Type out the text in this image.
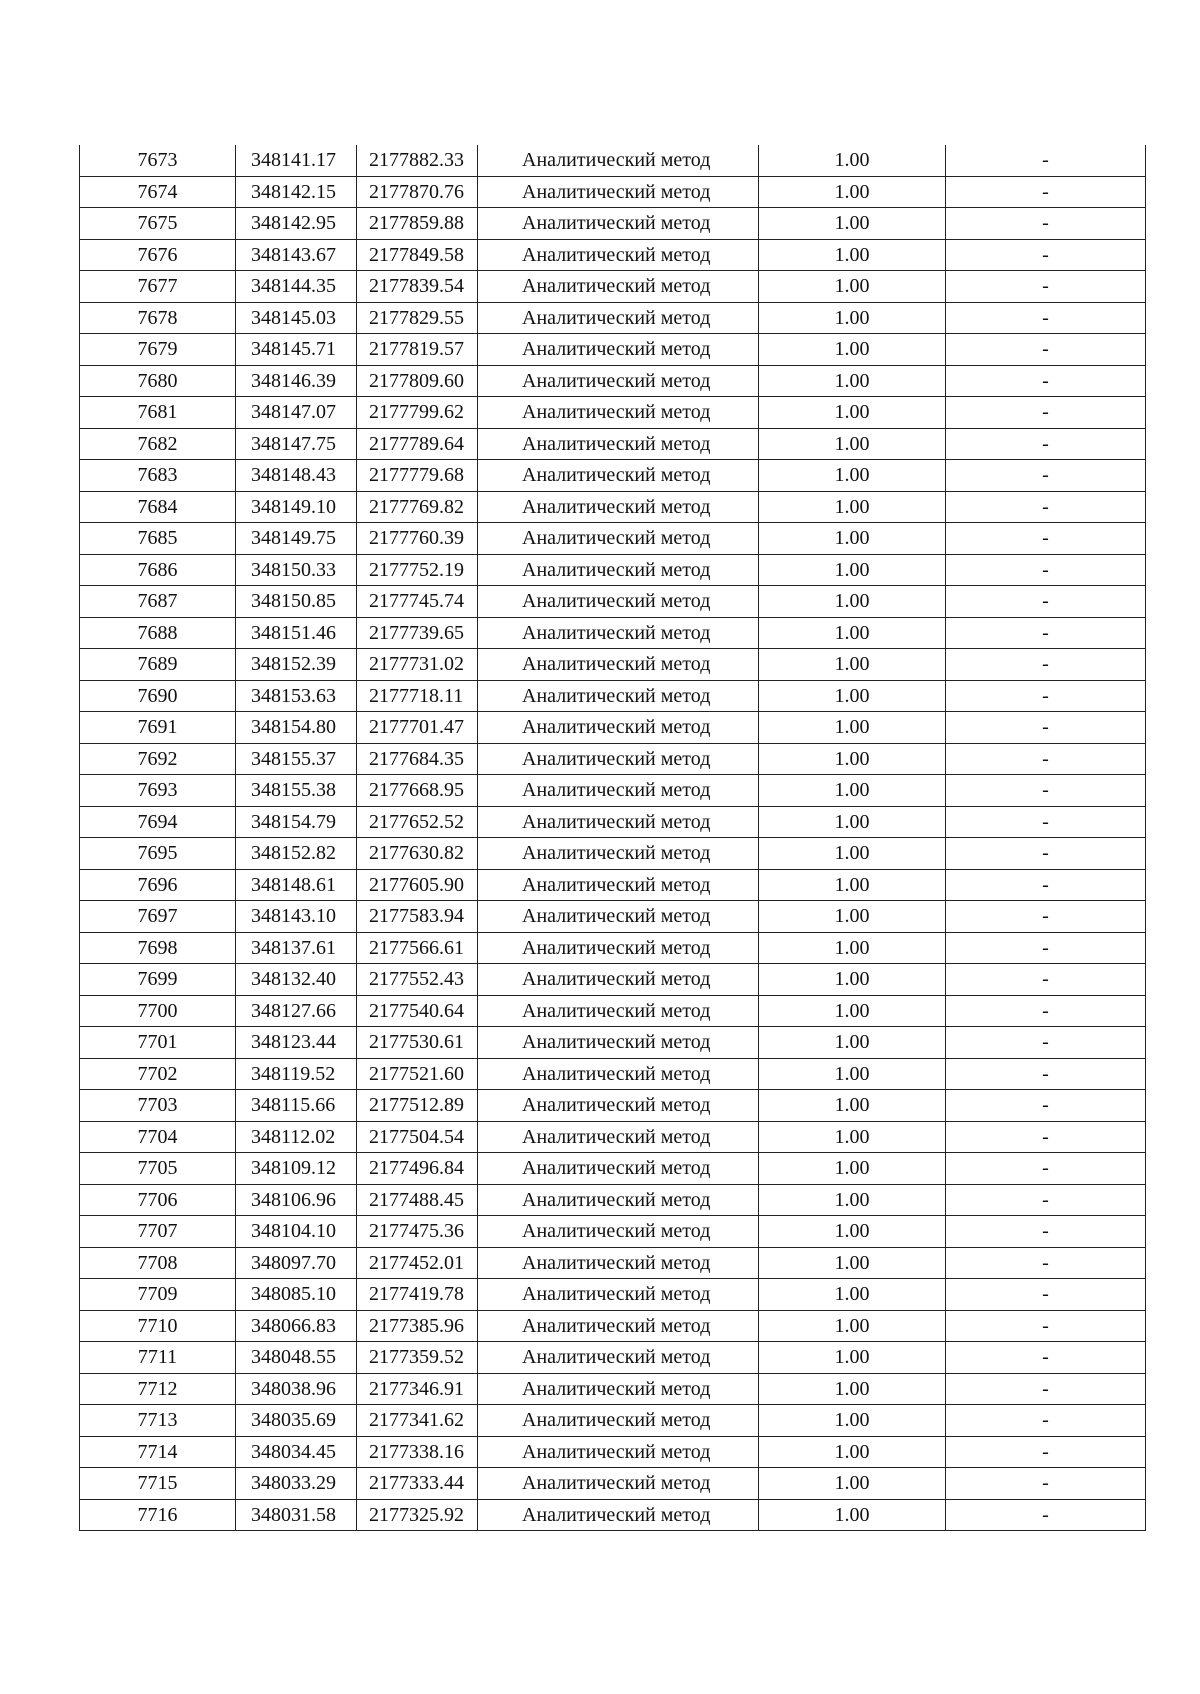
7673	348141.17	2177882.33	Аналитический метод	1.00	-
7674	348142.15	2177870.76	Аналитический метод	1.00	-
7675	348142.95	2177859.88	Аналитический метод	1.00	-
7676	348143.67	2177849.58	Аналитический метод	1.00	-
7677	348144.35	2177839.54	Аналитический метод	1.00	-
7678	348145.03	2177829.55	Аналитический метод	1.00	-
7679	348145.71	2177819.57	Аналитический метод	1.00	-
7680	348146.39	2177809.60	Аналитический метод	1.00	-
7681	348147.07	2177799.62	Аналитический метод	1.00	-
7682	348147.75	2177789.64	Аналитический метод	1.00	-
7683	348148.43	2177779.68	Аналитический метод	1.00	-
7684	348149.10	2177769.82	Аналитический метод	1.00	-
7685	348149.75	2177760.39	Аналитический метод	1.00	-
7686	348150.33	2177752.19	Аналитический метод	1.00	-
7687	348150.85	2177745.74	Аналитический метод	1.00	-
7688	348151.46	2177739.65	Аналитический метод	1.00	-
7689	348152.39	2177731.02	Аналитический метод	1.00	-
7690	348153.63	2177718.11	Аналитический метод	1.00	-
7691	348154.80	2177701.47	Аналитический метод	1.00	-
7692	348155.37	2177684.35	Аналитический метод	1.00	-
7693	348155.38	2177668.95	Аналитический метод	1.00	-
7694	348154.79	2177652.52	Аналитический метод	1.00	-
7695	348152.82	2177630.82	Аналитический метод	1.00	-
7696	348148.61	2177605.90	Аналитический метод	1.00	-
7697	348143.10	2177583.94	Аналитический метод	1.00	-
7698	348137.61	2177566.61	Аналитический метод	1.00	-
7699	348132.40	2177552.43	Аналитический метод	1.00	-
7700	348127.66	2177540.64	Аналитический метод	1.00	-
7701	348123.44	2177530.61	Аналитический метод	1.00	-
7702	348119.52	2177521.60	Аналитический метод	1.00	-
7703	348115.66	2177512.89	Аналитический метод	1.00	-
7704	348112.02	2177504.54	Аналитический метод	1.00	-
7705	348109.12	2177496.84	Аналитический метод	1.00	-
7706	348106.96	2177488.45	Аналитический метод	1.00	-
7707	348104.10	2177475.36	Аналитический метод	1.00	-
7708	348097.70	2177452.01	Аналитический метод	1.00	-
7709	348085.10	2177419.78	Аналитический метод	1.00	-
7710	348066.83	2177385.96	Аналитический метод	1.00	-
7711	348048.55	2177359.52	Аналитический метод	1.00	-
7712	348038.96	2177346.91	Аналитический метод	1.00	-
7713	348035.69	2177341.62	Аналитический метод	1.00	-
7714	348034.45	2177338.16	Аналитический метод	1.00	-
7715	348033.29	2177333.44	Аналитический метод	1.00	-
7716	348031.58	2177325.92	Аналитический метод	1.00	-
